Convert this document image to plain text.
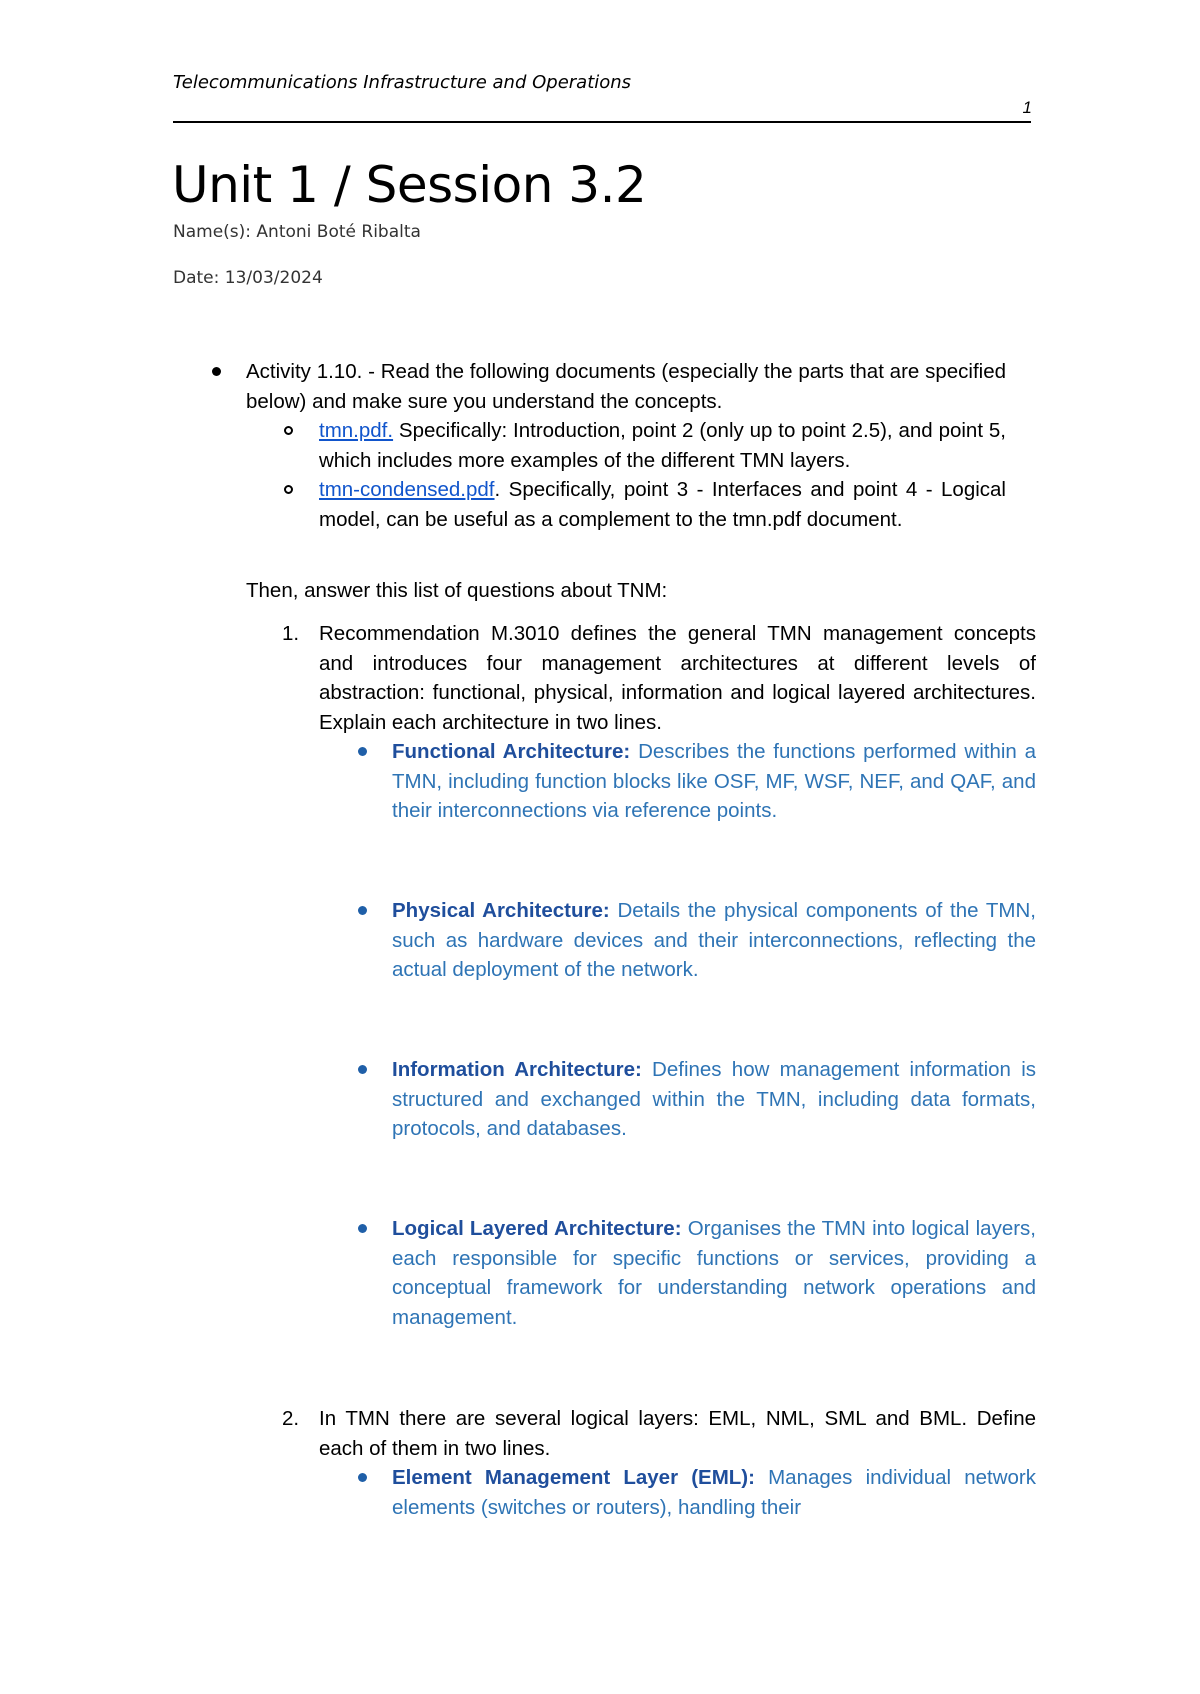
Telecommunications Infrastructure and Operations
1
Unit 1 / Session 3.2
Name(s): Antoni Boté Ribalta
Date: 13/03/2024
Activity 1.10. - Read the following documents (especially the parts that are specified below) and make sure you understand the concepts.
tmn.pdf. Specifically: Introduction, point 2 (only up to point 2.5), and point 5, which includes more examples of the different TMN layers.
tmn-condensed.pdf. Specifically, point 3 - Interfaces and point 4 - Logical model, can be useful as a complement to the tmn.pdf document.
Then, answer this list of questions about TNM:
1. Recommendation M.3010 defines the general TMN management concepts and introduces four management architectures at different levels of abstraction: functional, physical, information and logical layered architectures. Explain each architecture in two lines.
Functional Architecture: Describes the functions performed within a TMN, including function blocks like OSF, MF, WSF, NEF, and QAF, and their interconnections via reference points.
Physical Architecture: Details the physical components of the TMN, such as hardware devices and their interconnections, reflecting the actual deployment of the network.
Information Architecture: Defines how management information is structured and exchanged within the TMN, including data formats, protocols, and databases.
Logical Layered Architecture: Organises the TMN into logical layers, each responsible for specific functions or services, providing a conceptual framework for understanding network operations and management.
2. In TMN there are several logical layers: EML, NML, SML and BML. Define each of them in two lines.
Element Management Layer (EML): Manages individual network elements (switches or routers), handling their
